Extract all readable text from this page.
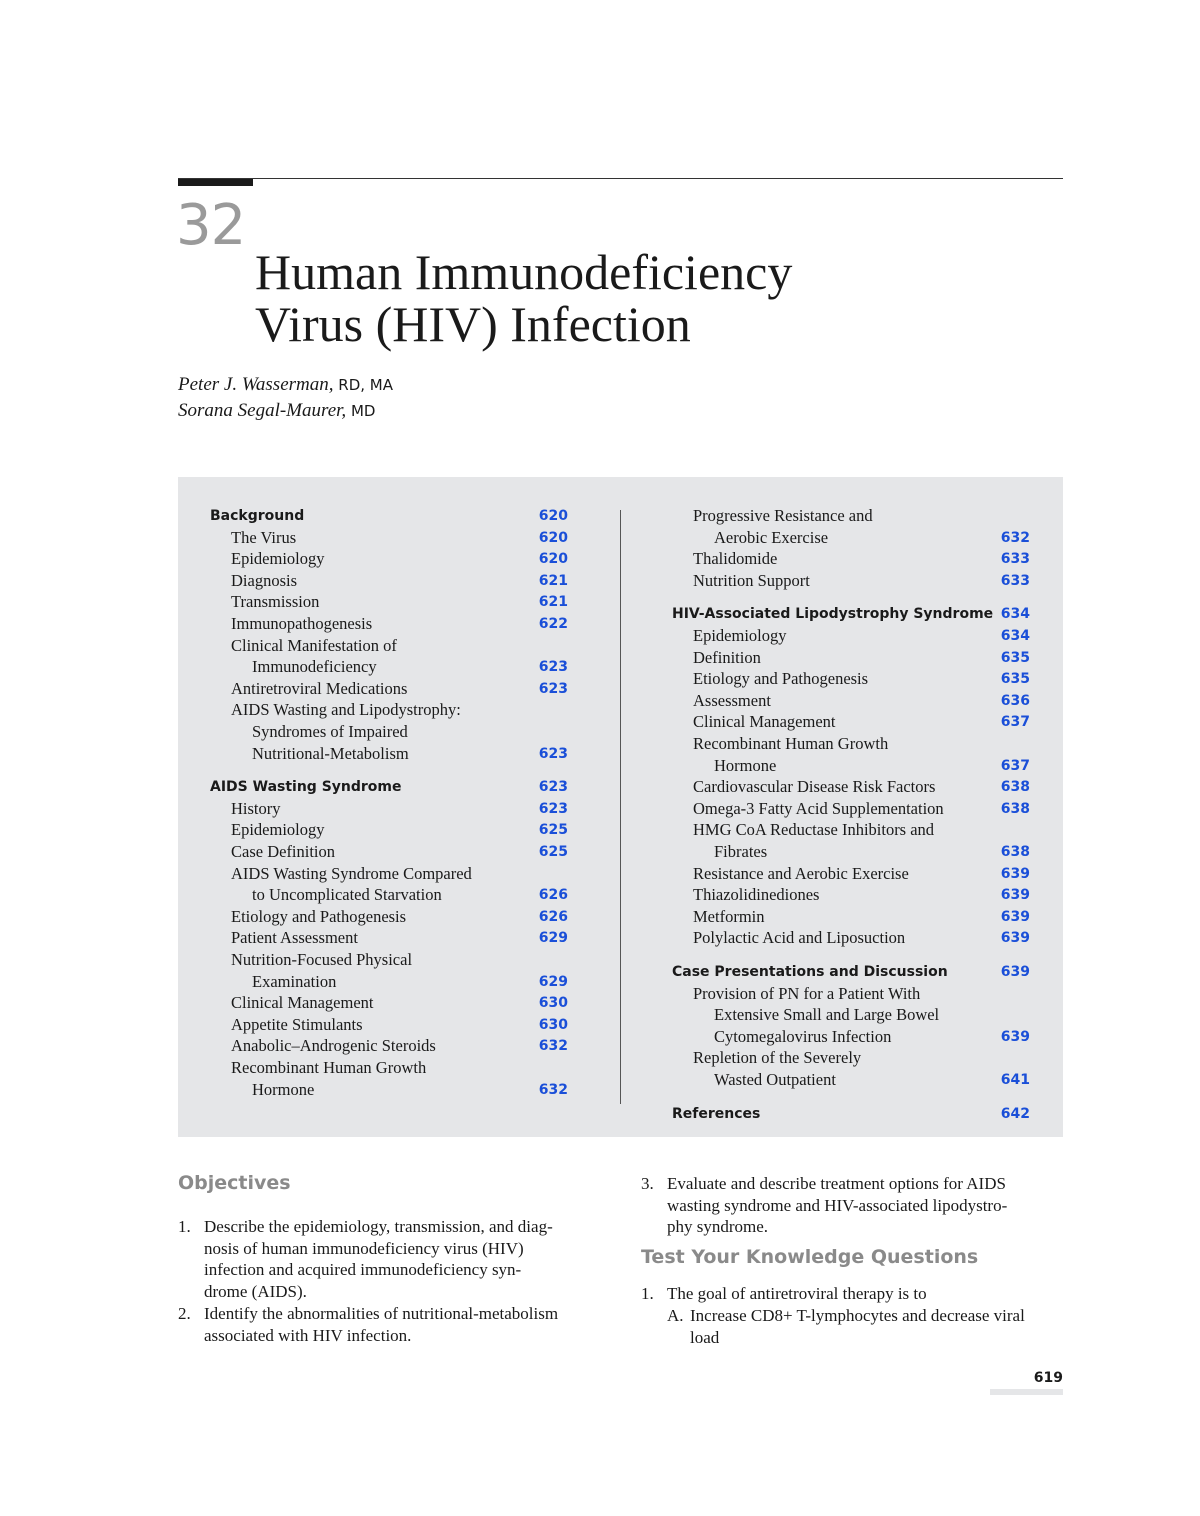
32
Human Immunodeficiency
Virus (HIV) Infection
Peter J. Wasserman, RD, MA
Sorana Segal-Maurer, MD
Background	620
The Virus	620
Epidemiology	620
Diagnosis	621
Transmission	621
Immunopathogenesis	622
Clinical Manifestation of
Immunodeficiency	623
Antiretroviral Medications	623
AIDS Wasting and Lipodystrophy:
Syndromes of Impaired
Nutritional-Metabolism	623
AIDS Wasting Syndrome	623
History	623
Epidemiology	625
Case Definition	625
AIDS Wasting Syndrome Compared
to Uncomplicated Starvation	626
Etiology and Pathogenesis	626
Patient Assessment	629
Nutrition-Focused Physical
Examination	629
Clinical Management	630
Appetite Stimulants	630
Anabolic–Androgenic Steroids	632
Recombinant Human Growth
Hormone	632
Progressive Resistance and
Aerobic Exercise	632
Thalidomide	633
Nutrition Support	633
HIV-Associated Lipodystrophy Syndrome 634
Epidemiology	634
Definition	635
Etiology and Pathogenesis	635
Assessment	636
Clinical Management	637
Recombinant Human Growth
Hormone	637
Cardiovascular Disease Risk Factors	638
Omega-3 Fatty Acid Supplementation	638
HMG CoA Reductase Inhibitors and
Fibrates	638
Resistance and Aerobic Exercise	639
Thiazolidinediones	639
Metformin	639
Polylactic Acid and Liposuction	639
Case Presentations and Discussion	639
Provision of PN for a Patient With
Extensive Small and Large Bowel
Cytomegalovirus Infection	639
Repletion of the Severely
Wasted Outpatient	641
References	642
Objectives
1. Describe the epidemiology, transmission, and diag-
nosis of human immunodeficiency virus (HIV)
infection and acquired immunodeficiency syn-
drome (AIDS).
2. Identify the abnormalities of nutritional-metabolism
associated with HIV infection.
3. Evaluate and describe treatment options for AIDS
wasting syndrome and HIV-associated lipodystro-
phy syndrome.
Test Your Knowledge Questions
1. The goal of antiretroviral therapy is to
A. Increase CD8+ T-lymphocytes and decrease viral
load
619
